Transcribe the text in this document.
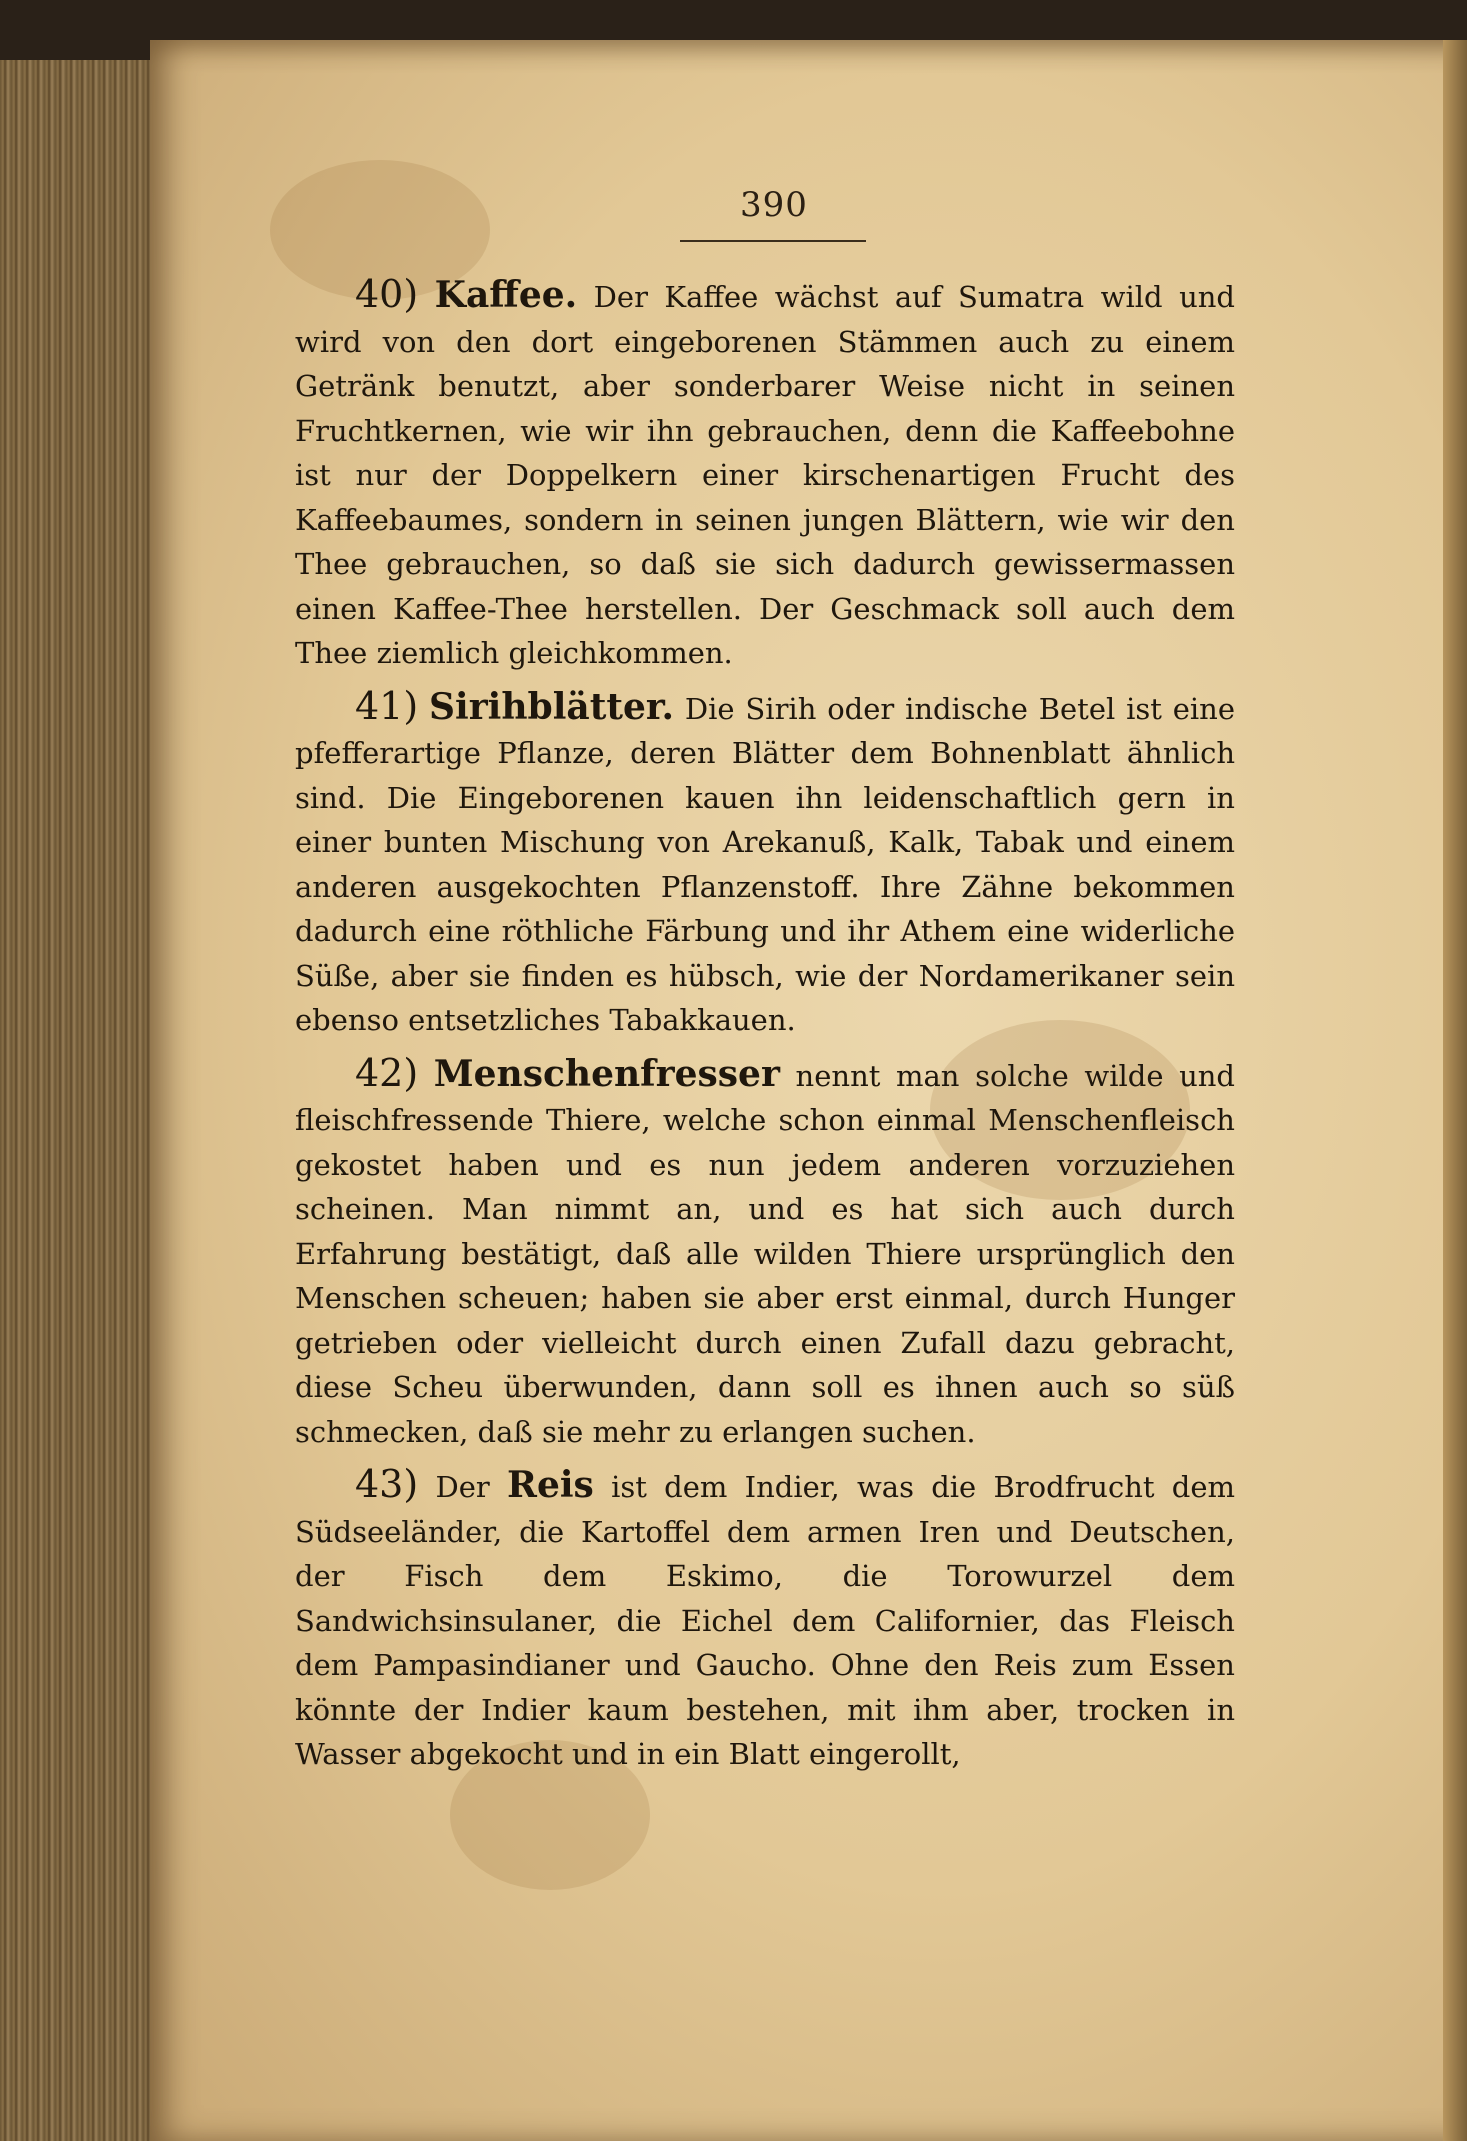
390

40) Kaffee. Der Kaffee wächst auf Sumatra wild und wird von den dort eingeborenen Stämmen auch zu einem Getränk benutzt, aber sonderbarer Weise nicht in seinen Fruchtkernen, wie wir ihn gebrauchen, denn die Kaffeebohne ist nur der Doppelkern einer kirschenartigen Frucht des Kaffeebaumes, sondern in seinen jungen Blättern, wie wir den Thee gebrauchen, so daß sie sich dadurch gewissermassen einen Kaffee-Thee herstellen. Der Geschmack soll auch dem Thee ziemlich gleichkommen.

41) Sirihblätter. Die Sirih oder indische Betel ist eine pfefferartige Pflanze, deren Blätter dem Bohnenblatt ähnlich sind. Die Eingeborenen kauen ihn leidenschaftlich gern in einer bunten Mischung von Arekanuß, Kalk, Tabak und einem anderen ausgekochten Pflanzenstoff. Ihre Zähne bekommen dadurch eine röthliche Färbung und ihr Athem eine widerliche Süße, aber sie finden es hübsch, wie der Nordamerikaner sein ebenso entsetzliches Tabakkauen.

42) Menschenfresser nennt man solche wilde und fleischfressende Thiere, welche schon einmal Menschenfleisch gekostet haben und es nun jedem anderen vorzuziehen scheinen. Man nimmt an, und es hat sich auch durch Erfahrung bestätigt, daß alle wilden Thiere ursprünglich den Menschen scheuen; haben sie aber erst einmal, durch Hunger getrieben oder vielleicht durch einen Zufall dazu gebracht, diese Scheu überwunden, dann soll es ihnen auch so süß schmecken, daß sie mehr zu erlangen suchen.

43) Der Reis ist dem Indier, was die Brodfrucht dem Südseeländer, die Kartoffel dem armen Iren und Deutschen, der Fisch dem Eskimo, die Torowurzel dem Sandwichsinsulaner, die Eichel dem Californier, das Fleisch dem Pampasindianer und Gaucho. Ohne den Reis zum Essen könnte der Indier kaum bestehen, mit ihm aber, trocken in Wasser abgekocht und in ein Blatt eingerollt,
